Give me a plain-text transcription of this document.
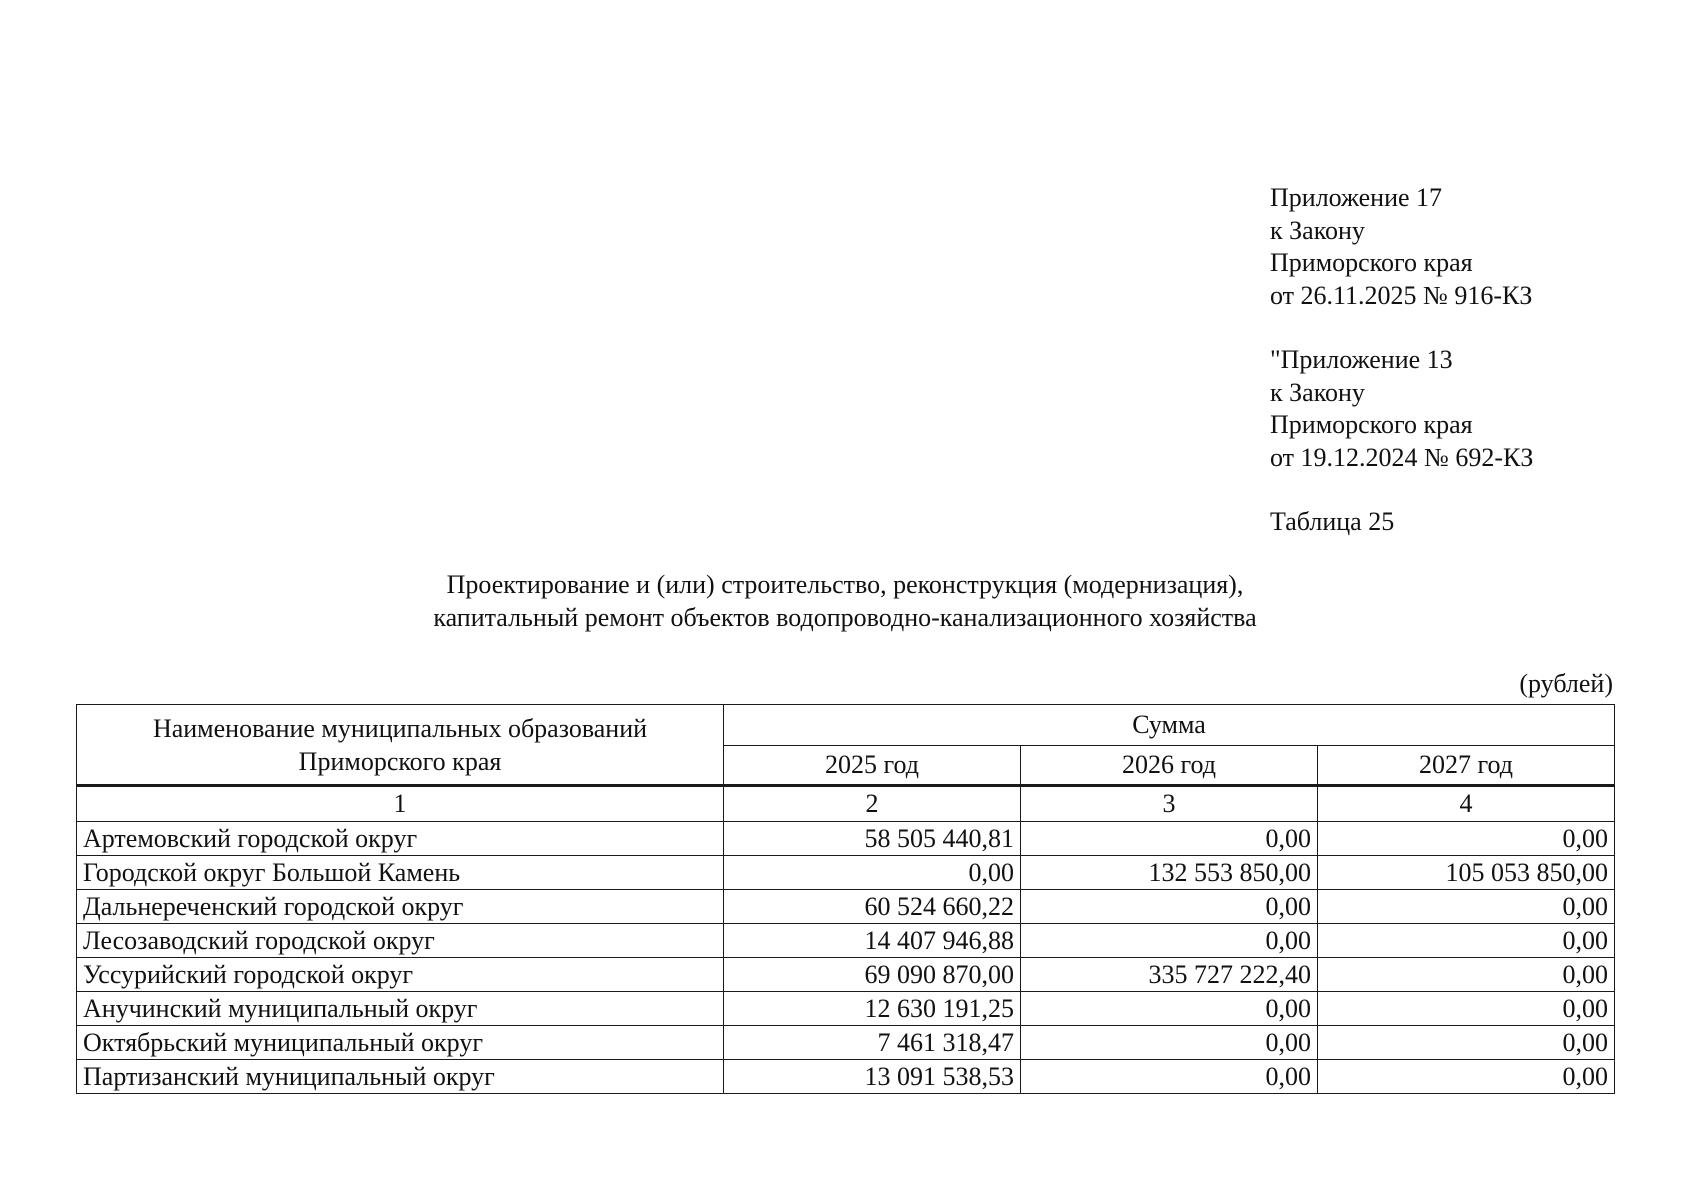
Приложение 17
к Закону
Приморского края
от 26.11.2025 № 916-КЗ
"Приложение 13
к Закону
Приморского края
от 19.12.2024 № 692-КЗ
Таблица 25
Проектирование и (или) строительство, реконструкция (модернизация),
капитальный ремонт объектов водопроводно-канализационного хозяйства
(рублей)
Наименование муниципальных образований
Приморского края	Сумма		
	2025 год	2026 год	2027 год
1	2	3	4
Артемовский городской округ	58 505 440,81	0,00	0,00
Городской округ Большой Камень	0,00	132 553 850,00	105 053 850,00
Дальнереченский городской округ	60 524 660,22	0,00	0,00
Лесозаводский городской округ	14 407 946,88	0,00	0,00
Уссурийский городской округ	69 090 870,00	335 727 222,40	0,00
Анучинский муниципальный округ	12 630 191,25	0,00	0,00
Октябрьский муниципальный округ	7 461 318,47	0,00	0,00
Партизанский муниципальный округ	13 091 538,53	0,00	0,00
